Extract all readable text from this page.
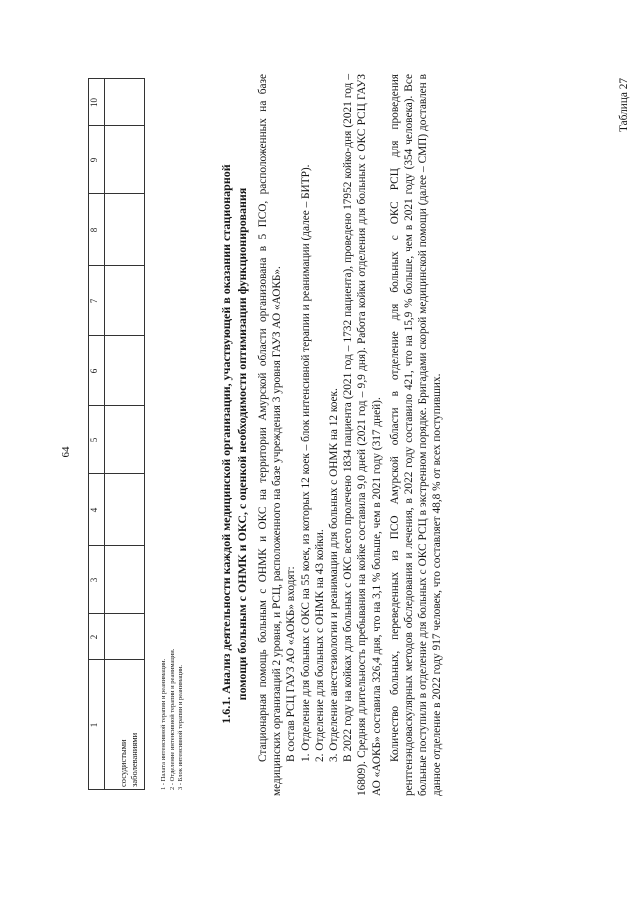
64
1
2
3
4
5
6
7
8
9
10
сосудистыми заболеваниями	1 - Палата интенсивной терапии и реанимации. 2 - Отделение интенсивной терапии и реанимации. 3 - Блок интенсивной терапии и реанимации.
1.6.1. Анализ деятельности каждой медицинской организации, участвующей в оказании стационарной помощи больным с ОНМК и ОКС, с оценкой необходимости оптимизации функционирования Стационарная помощь больным с ОНМК и ОКС на территории Амурской области организована в 5 ПСО, расположенных на базе медицинских организаций 2 уровня, и РСЦ, расположенного на базе учреждения 3 уровня ГАУЗ АО «АОКБ». В состав РСЦ ГАУЗ АО «АОКБ» входят: 1. Отделение для больных с ОКС на 55 коек, из которых 12 коек – блок интенсивной терапии и реанимации (далее – БИТР). 2. Отделение для больных с ОНМК на 43 койки. 3. Отделение анестезиологии и реанимации для больных с ОНМК на 12 коек. В 2022 году на койках для больных с ОКС всего пролечено 1834 пациента (2021 год – 1732 пациента), проведено 17952 койко-дня (2021 год – 16809). Средняя длительность пребывания на койке составила 9,0 дней (2021 год – 9,9 дня). Работа койки отделения для больных с ОКС РСЦ ГАУЗ АО «АОКБ» составила 326,4 дня, что на 3,1 % больше, чем в 2021 году (317 дней). Количество больных, переведенных из ПСО Амурской области в отделение для больных с ОКС РСЦ для проведения рентгенэндоваскулярных методов обследования и лечения, в 2022 году составило 421, что на 15,9 % больше, чем в 2021 году (354 человека). Все больные поступили в отделение для больных с ОКС РСЦ в экстренном порядке. Бригадами скорой медицинской помощи (далее – СМП) доставлен в данное отделение в 2022 году 917 человек, что составляет 48,8 % от всех поступивших.

Таблица 27
